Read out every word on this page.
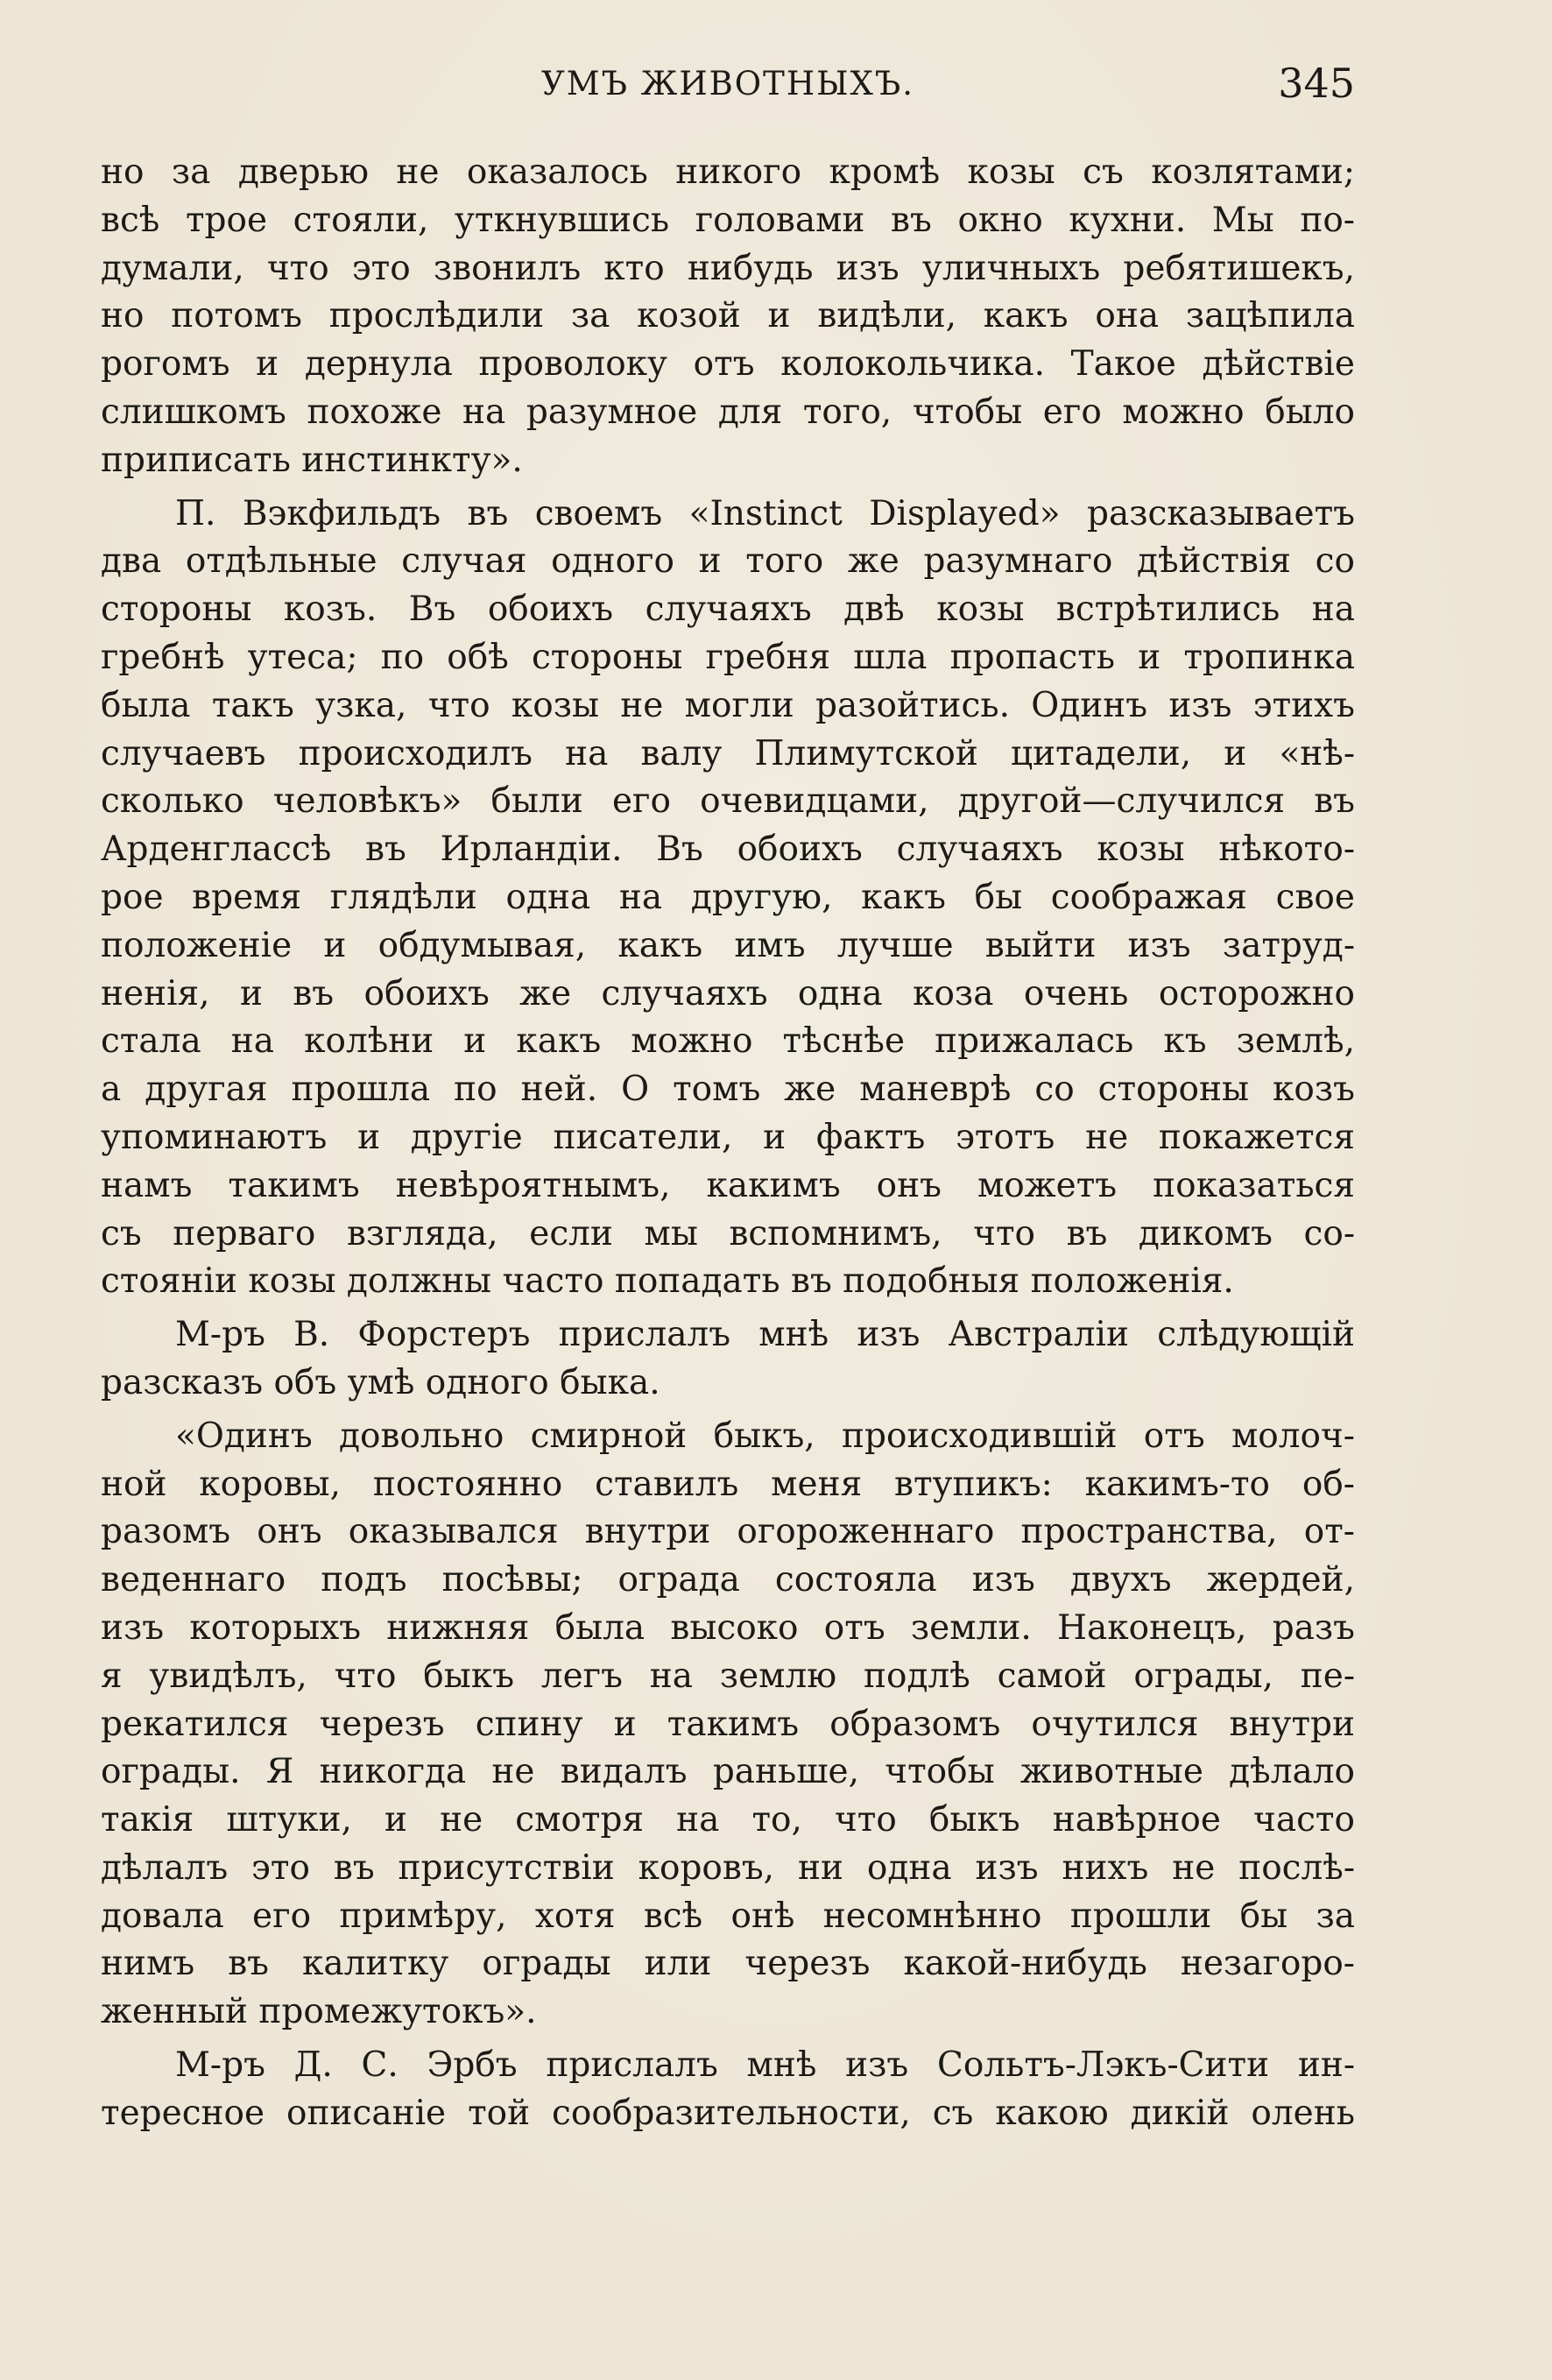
УМЪ ЖИВОТНЫХЪ.	345
но за дверью не оказалось никого кромѣ козы съ козлятами;
всѣ трое стояли, уткнувшись головами въ окно кухни. Мы по-
думали, что это звонилъ кто нибудь изъ уличныхъ ребятишекъ,
но потомъ прослѣдили за козой и видѣли, какъ она зацѣпила
рогомъ и дернула проволоку отъ колокольчика. Такое дѣйствіе
слишкомъ похоже на разумное для того, чтобы его можно было
приписать инстинкту».
П. Вэкфильдъ въ своемъ «Instinct Displayed» разсказываетъ
два отдѣльные случая одного и того же разумнаго дѣйствія со
стороны козъ. Въ обоихъ случаяхъ двѣ козы встрѣтились на
гребнѣ утеса; по обѣ стороны гребня шла пропасть и тропинка
была такъ узка, что козы не могли разойтись. Одинъ изъ этихъ
случаевъ происходилъ на валу Плимутской цитадели, и «нѣ-
сколько человѣкъ» были его очевидцами, другой—случился въ
Арденглассѣ въ Ирландіи. Въ обоихъ случаяхъ козы нѣкото-
рое время глядѣли одна на другую, какъ бы соображая свое
положеніе и обдумывая, какъ имъ лучше выйти изъ затруд-
ненія, и въ обоихъ же случаяхъ одна коза очень осторожно
стала на колѣни и какъ можно тѣснѣе прижалась къ землѣ,
а другая прошла по ней. О томъ же маневрѣ со стороны козъ
упоминаютъ и другіе писатели, и фактъ этотъ не покажется
намъ такимъ невѣроятнымъ, какимъ онъ можетъ показаться
съ перваго взгляда, если мы вспомнимъ, что въ дикомъ со-
стояніи козы должны часто попадать въ подобныя положенія.
М-ръ В. Форстеръ прислалъ мнѣ изъ Австраліи слѣдующій
разсказъ объ умѣ одного быка.
«Одинъ довольно смирной быкъ, происходившій отъ молоч-
ной коровы, постоянно ставилъ меня втупикъ: какимъ-то об-
разомъ онъ оказывался внутри огороженнаго пространства, от-
веденнаго подъ посѣвы; ограда состояла изъ двухъ жердей,
изъ которыхъ нижняя была высоко отъ земли. Наконецъ, разъ
я увидѣлъ, что быкъ легъ на землю подлѣ самой ограды, пе-
рекатился черезъ спину и такимъ образомъ очутился внутри
ограды. Я никогда не видалъ раньше, чтобы животные дѣлало
такія штуки, и не смотря на то, что быкъ навѣрное часто
дѣлалъ это въ присутствіи коровъ, ни одна изъ нихъ не послѣ-
довала его примѣру, хотя всѣ онѣ несомнѣнно прошли бы за
нимъ въ калитку ограды или черезъ какой-нибудь незагоро-
женный промежутокъ».
М-ръ Д. С. Эрбъ прислалъ мнѣ изъ Сольтъ-Лэкъ-Сити ин-
тересное описаніе той сообразительности, съ какою дикій олень
